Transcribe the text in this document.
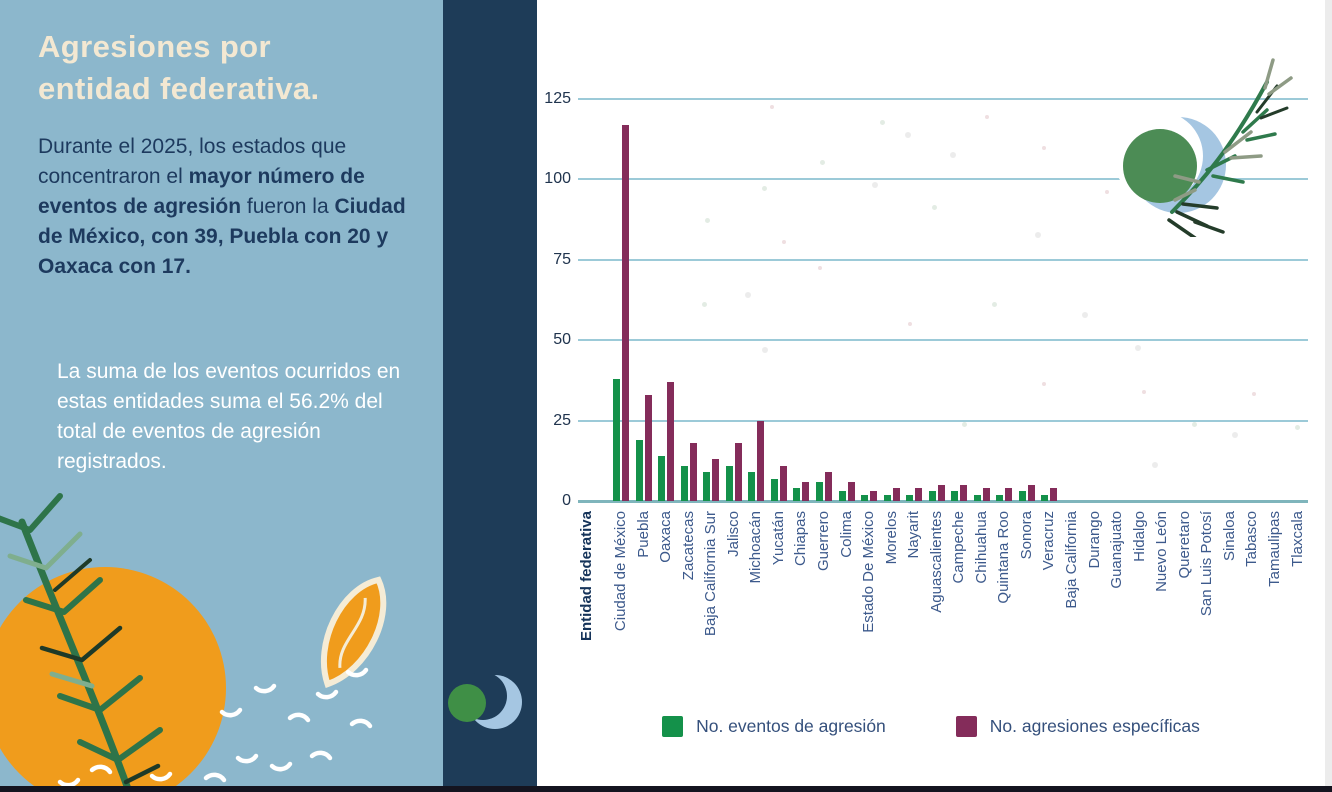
Agresiones por
entidad federativa.

Durante el 2025, los estados que concentraron el mayor número de eventos de agresión fueron la Ciudad de México, con 39, Puebla con 20 y Oaxaca con 17.

La suma de los eventos ocurridos en estas entidades suma el 56.2% del total de eventos de agresión registrados.

No. eventos de agresión	No. agresiones específicas
0
25
50
75
100
125
Ciudad de México Puebla Oaxaca Zacatecas Baja California Sur Jalisco Michoacán Yucatán Chiapas Guerrero Colima Estado De México Morelos Nayarit Aguascalientes Campeche Chihuahua Quintana Roo Sonora Veracruz Baja California Durango Guanajuato Hidalgo Nuevo León Queretaro San Luis Potosí Sinaloa Tabasco Tamaulipas Tlaxcala
Entidad federativa
